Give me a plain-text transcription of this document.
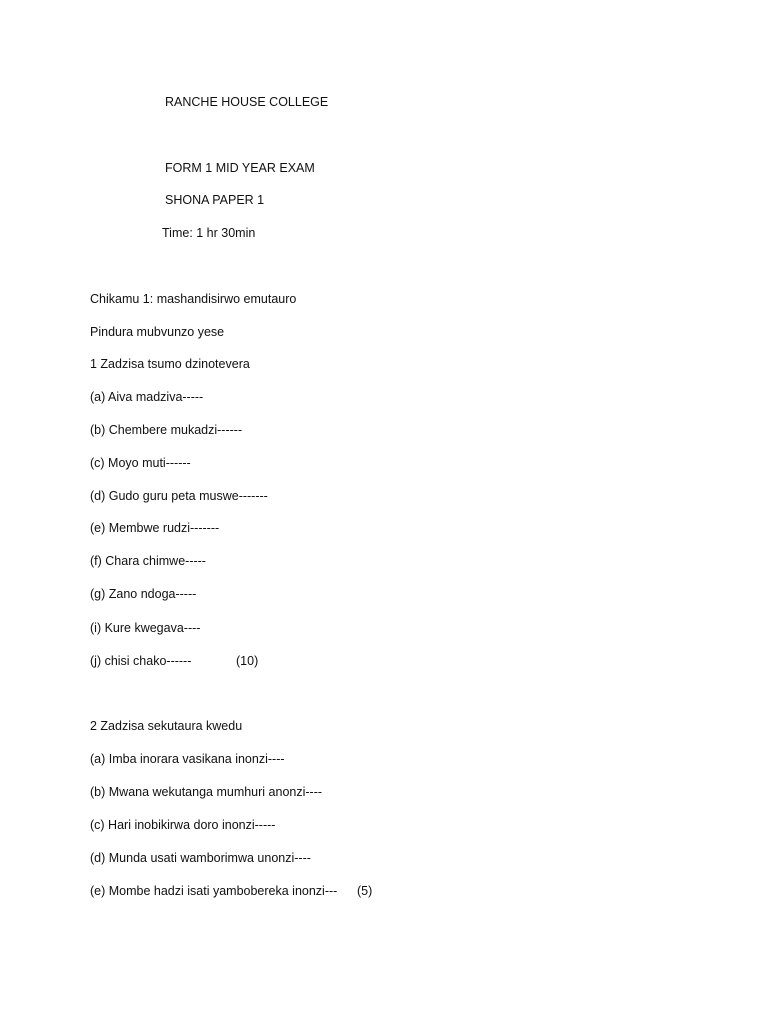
RANCHE HOUSE COLLEGE
FORM 1 MID YEAR EXAM
SHONA PAPER 1
Time: 1 hr 30min
Chikamu 1: mashandisirwo emutauro
Pindura mubvunzo yese
1 Zadzisa tsumo dzinotevera
(a) Aiva madziva-----
(b) Chembere mukadzi------
(c) Moyo muti------
(d) Gudo guru peta muswe-------
(e) Membwe rudzi-------
(f) Chara chimwe-----
(g) Zano ndoga-----
(i) Kure kwegava----
(j) chisi chako------	(10)
2 Zadzisa sekutaura kwedu
(a) Imba inorara vasikana inonzi----
(b) Mwana wekutanga mumhuri anonzi----
(c) Hari inobikirwa doro inonzi-----
(d) Munda usati wamborimwa unonzi----
(e) Mombe hadzi isati yambobereka inonzi--- (5)
